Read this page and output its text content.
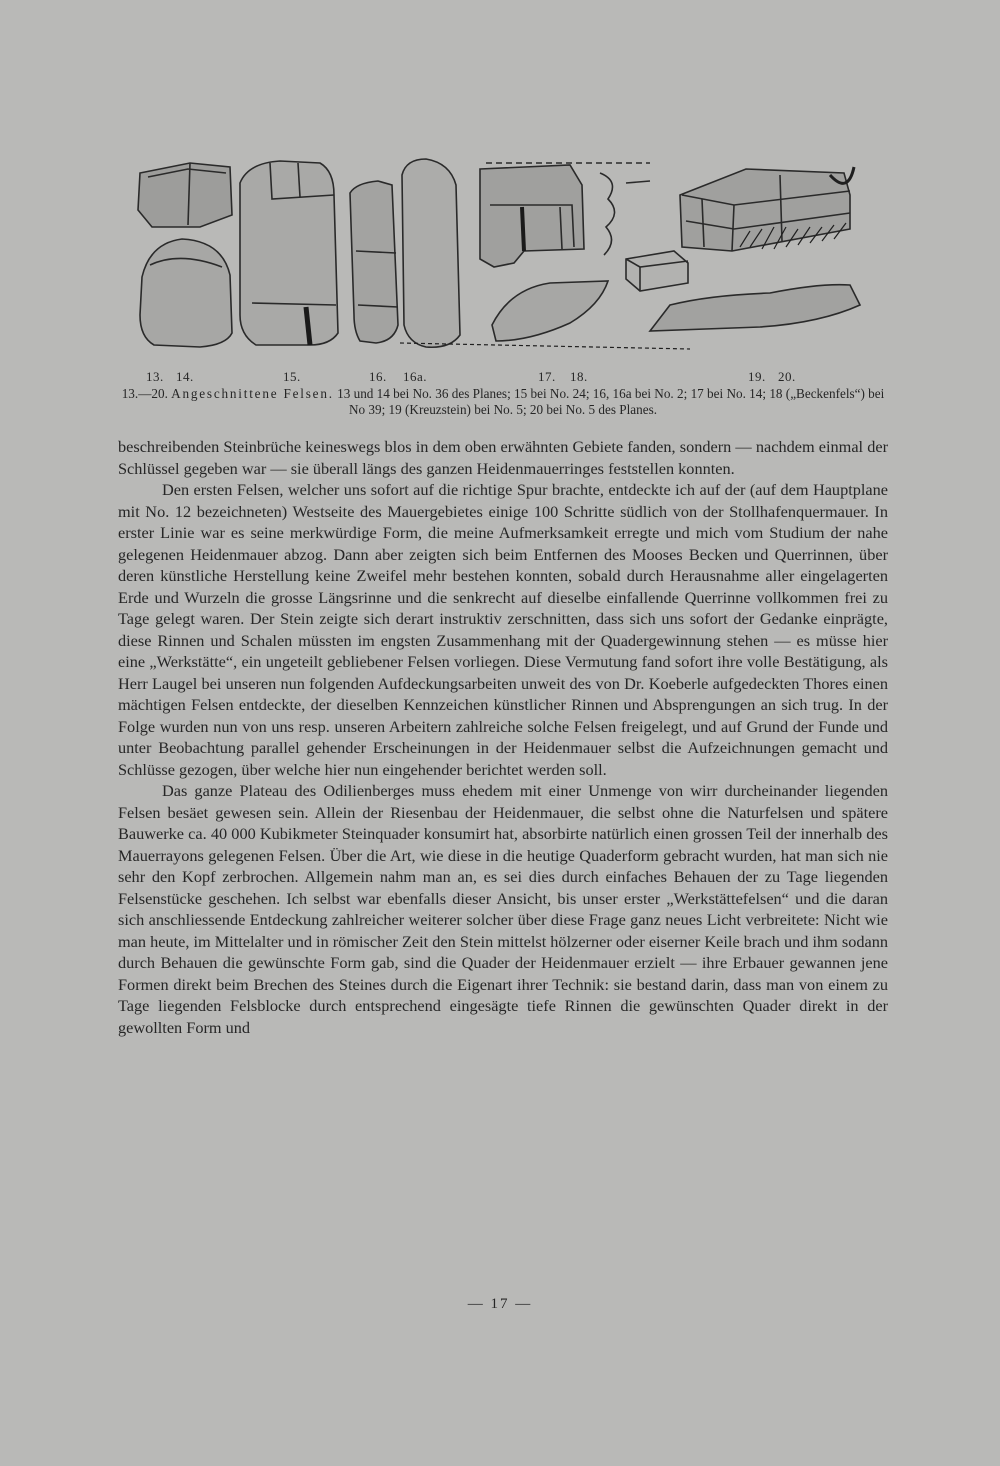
13. 14.	15.	16. 16a.	17. 18.	19. 20.
13.—20. Angeschnittene Felsen. 13 und 14 bei No. 36 des Planes; 15 bei No. 24; 16, 16a bei No. 2; 17 bei No. 14; 18 („Beckenfels“) bei No 39; 19 (Kreuzstein) bei No. 5; 20 bei No. 5 des Planes.

beschreibenden Steinbrüche keineswegs blos in dem oben erwähnten Gebiete fanden, sondern — nachdem einmal der Schlüssel gegeben war — sie überall längs des ganzen Heidenmauerringes feststellen konnten.

Den ersten Felsen, welcher uns sofort auf die richtige Spur brachte, entdeckte ich auf der (auf dem Hauptplane mit No. 12 bezeichneten) Westseite des Mauergebietes einige 100 Schritte südlich von der Stollhafenquermauer. In erster Linie war es seine merkwürdige Form, die meine Aufmerksamkeit erregte und mich vom Studium der nahe gelegenen Heidenmauer abzog. Dann aber zeigten sich beim Entfernen des Mooses Becken und Querrinnen, über deren künstliche Herstellung keine Zweifel mehr bestehen konnten, sobald durch Herausnahme aller eingelagerten Erde und Wurzeln die grosse Längsrinne und die senkrecht auf dieselbe einfallende Querrinne vollkommen frei zu Tage gelegt waren. Der Stein zeigte sich derart instruktiv zerschnitten, dass sich uns sofort der Gedanke einprägte, diese Rinnen und Schalen müssten im engsten Zusammenhang mit der Quadergewinnung stehen — es müsse hier eine „Werkstätte“, ein ungeteilt gebliebener Felsen vorliegen. Diese Vermutung fand sofort ihre volle Bestätigung, als Herr Laugel bei unseren nun folgenden Aufdeckungsarbeiten unweit des von Dr. Koeberle aufgedeckten Thores einen mächtigen Felsen entdeckte, der dieselben Kennzeichen künstlicher Rinnen und Absprengungen an sich trug. In der Folge wurden nun von uns resp. unseren Arbeitern zahlreiche solche Felsen freigelegt, und auf Grund der Funde und unter Beobachtung parallel gehender Erscheinungen in der Heidenmauer selbst die Aufzeichnungen gemacht und Schlüsse gezogen, über welche hier nun eingehender berichtet werden soll.

Das ganze Plateau des Odilienberges muss ehedem mit einer Unmenge von wirr durcheinander liegenden Felsen besäet gewesen sein. Allein der Riesenbau der Heidenmauer, die selbst ohne die Naturfelsen und spätere Bauwerke ca. 40 000 Kubikmeter Steinquader konsumirt hat, absorbirte natürlich einen grossen Teil der innerhalb des Mauerrayons gelegenen Felsen. Über die Art, wie diese in die heutige Quaderform gebracht wurden, hat man sich nie sehr den Kopf zerbrochen. Allgemein nahm man an, es sei dies durch einfaches Behauen der zu Tage liegenden Felsenstücke geschehen. Ich selbst war ebenfalls dieser Ansicht, bis unser erster „Werkstättefelsen“ und die daran sich anschliessende Entdeckung zahlreicher weiterer solcher über diese Frage ganz neues Licht verbreitete: Nicht wie man heute, im Mittelalter und in römischer Zeit den Stein mittelst hölzerner oder eiserner Keile brach und ihm sodann durch Behauen die gewünschte Form gab, sind die Quader der Heidenmauer erzielt — ihre Erbauer gewannen jene Formen direkt beim Brechen des Steines durch die Eigenart ihrer Technik: sie bestand darin, dass man von einem zu Tage liegenden Felsblocke durch entsprechend eingesägte tiefe Rinnen die gewünschten Quader direkt in der gewollten Form und

— 17 —
